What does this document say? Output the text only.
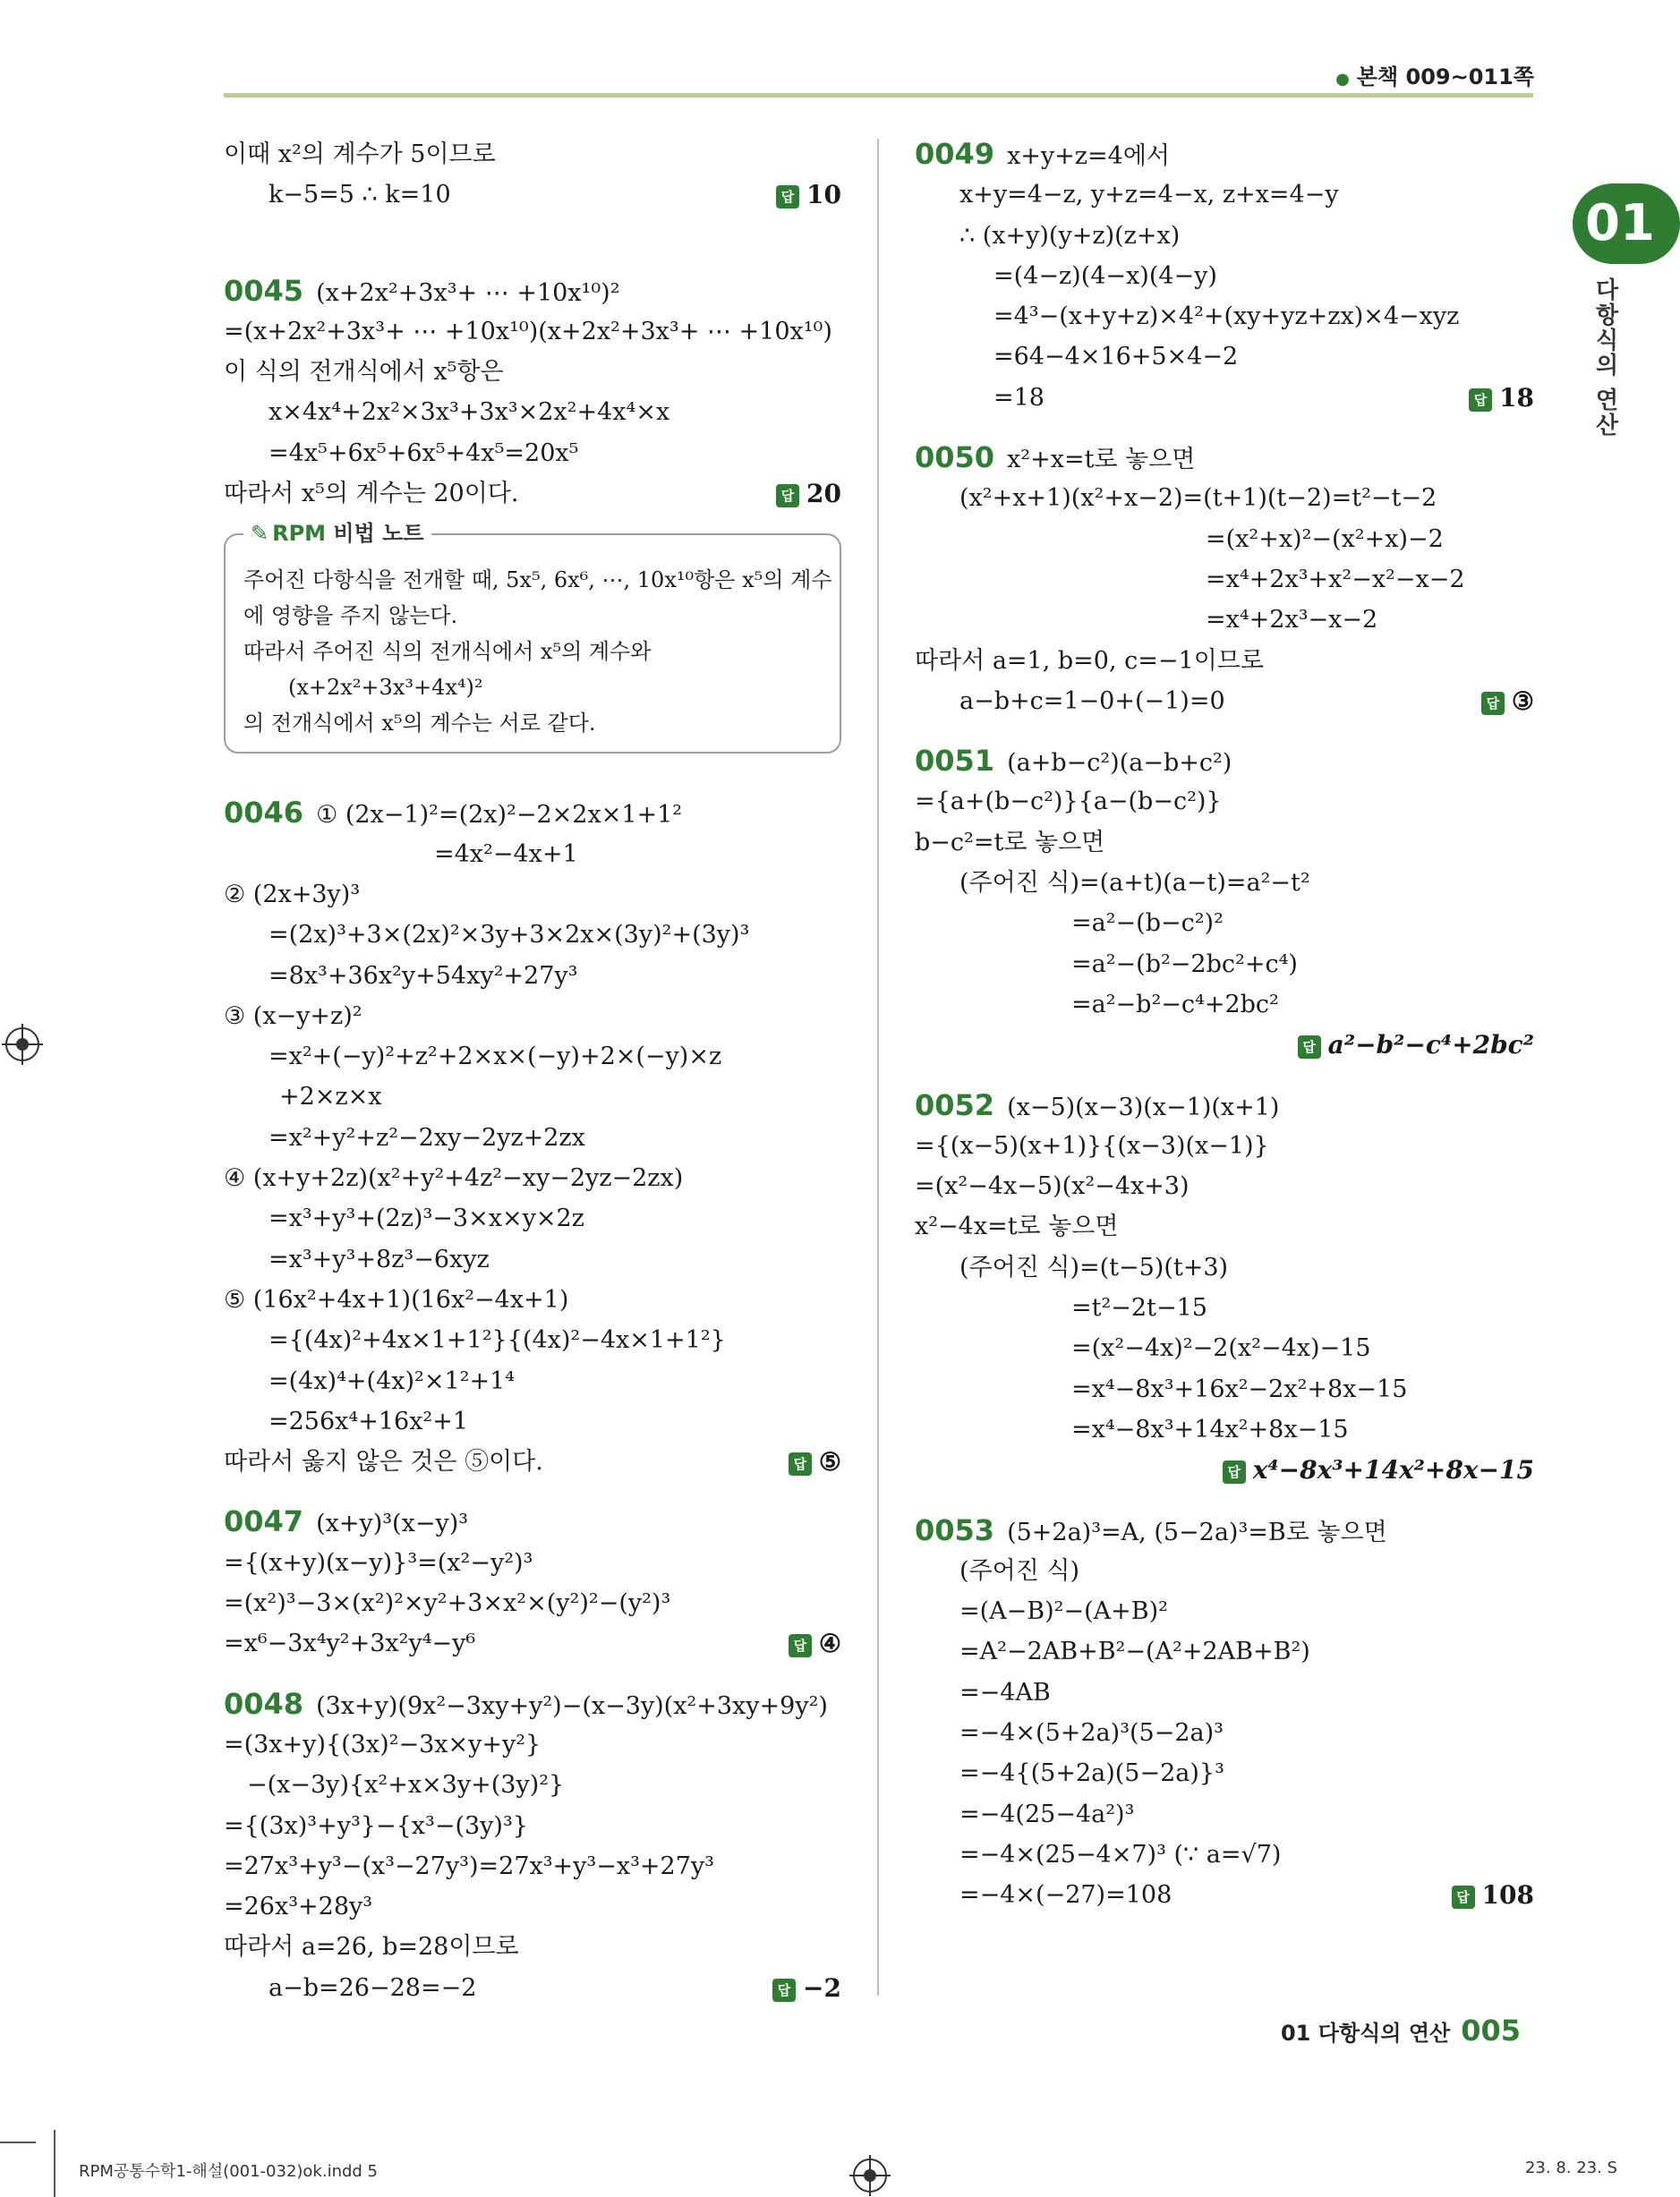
● 본책 009~011쪽
01
다항식의 연산
이때 x²의 계수가 5이므로
k−5=5 ∴ k=10	답 10
0045 (x+2x²+3x³+ ⋯ +10x¹⁰)²
=(x+2x²+3x³+ ⋯ +10x¹⁰)(x+2x²+3x³+ ⋯ +10x¹⁰)
이 식의 전개식에서 x⁵항은
x×4x⁴+2x²×3x³+3x³×2x²+4x⁴×x
=4x⁵+6x⁵+6x⁵+4x⁵=20x⁵
따라서 x⁵의 계수는 20이다.	답 20
✎ RPM 비법 노트
주어진 다항식을 전개할 때, 5x⁵, 6x⁶, ⋯, 10x¹⁰항은 x⁵의 계수
에 영향을 주지 않는다.
따라서 주어진 식의 전개식에서 x⁵의 계수와
(x+2x²+3x³+4x⁴)²
의 전개식에서 x⁵의 계수는 서로 같다.
0046 ① (2x−1)²=(2x)²−2×2x×1+1²
=4x²−4x+1
② (2x+3y)³
=(2x)³+3×(2x)²×3y+3×2x×(3y)²+(3y)³
=8x³+36x²y+54xy²+27y³
③ (x−y+z)²
=x²+(−y)²+z²+2×x×(−y)+2×(−y)×z
+2×z×x
=x²+y²+z²−2xy−2yz+2zx
④ (x+y+2z)(x²+y²+4z²−xy−2yz−2zx)
=x³+y³+(2z)³−3×x×y×2z
=x³+y³+8z³−6xyz
⑤ (16x²+4x+1)(16x²−4x+1)
={(4x)²+4x×1+1²}{(4x)²−4x×1+1²}
=(4x)⁴+(4x)²×1²+1⁴
=256x⁴+16x²+1
따라서 옳지 않은 것은 ⑤이다.	답 ⑤
0047 (x+y)³(x−y)³
={(x+y)(x−y)}³=(x²−y²)³
=(x²)³−3×(x²)²×y²+3×x²×(y²)²−(y²)³
=x⁶−3x⁴y²+3x²y⁴−y⁶	답 ④
0048 (3x+y)(9x²−3xy+y²)−(x−3y)(x²+3xy+9y²)
=(3x+y){(3x)²−3x×y+y²}
−(x−3y){x²+x×3y+(3y)²}
={(3x)³+y³}−{x³−(3y)³}
=27x³+y³−(x³−27y³)=27x³+y³−x³+27y³
=26x³+28y³
따라서 a=26, b=28이므로
a−b=26−28=−2	답 −2
0049 x+y+z=4에서
x+y=4−z, y+z=4−x, z+x=4−y
∴ (x+y)(y+z)(z+x)
=(4−z)(4−x)(4−y)
=4³−(x+y+z)×4²+(xy+yz+zx)×4−xyz
=64−4×16+5×4−2
=18	답 18
0050 x²+x=t로 놓으면
(x²+x+1)(x²+x−2)=(t+1)(t−2)=t²−t−2
=(x²+x)²−(x²+x)−2
=x⁴+2x³+x²−x²−x−2
=x⁴+2x³−x−2
따라서 a=1, b=0, c=−1이므로
a−b+c=1−0+(−1)=0	답 ③
0051 (a+b−c²)(a−b+c²)
={a+(b−c²)}{a−(b−c²)}
b−c²=t로 놓으면
(주어진 식)=(a+t)(a−t)=a²−t²
=a²−(b−c²)²
=a²−(b²−2bc²+c⁴)
=a²−b²−c⁴+2bc²
답 a²−b²−c⁴+2bc²
0052 (x−5)(x−3)(x−1)(x+1)
={(x−5)(x+1)}{(x−3)(x−1)}
=(x²−4x−5)(x²−4x+3)
x²−4x=t로 놓으면
(주어진 식)=(t−5)(t+3)
=t²−2t−15
=(x²−4x)²−2(x²−4x)−15
=x⁴−8x³+16x²−2x²+8x−15
=x⁴−8x³+14x²+8x−15
답 x⁴−8x³+14x²+8x−15
0053 (5+2a)³=A, (5−2a)³=B로 놓으면
(주어진 식)
=(A−B)²−(A+B)²
=A²−2AB+B²−(A²+2AB+B²)
=−4AB
=−4×(5+2a)³(5−2a)³
=−4{(5+2a)(5−2a)}³
=−4(25−4a²)³
=−4×(25−4×7)³ (∵ a=√7)
=−4×(−27)=108	답 108
01 다항식의 연산 005
RPM공통수학1-해설(001-032)ok.indd 5	23. 8. 23. S
